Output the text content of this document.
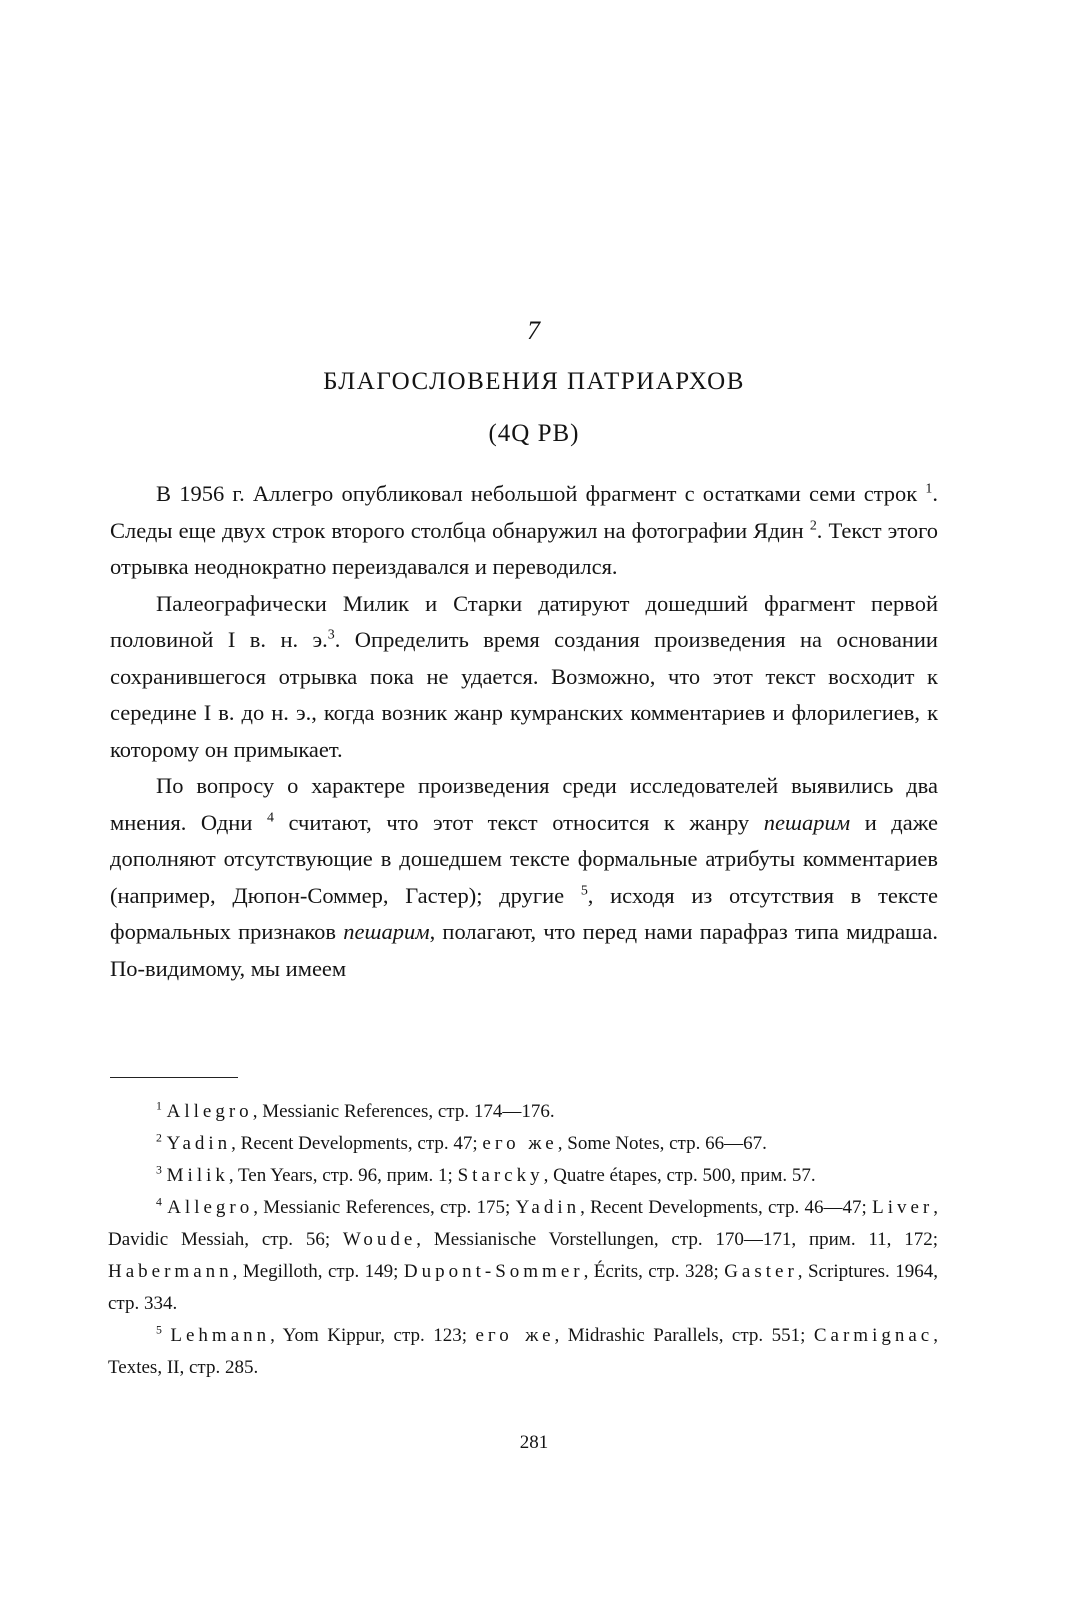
7
БЛАГОСЛОВЕНИЯ ПАТРИАРХОВ
(4Q PB)

В 1956 г. Аллегро опубликовал небольшой фрагмент с остатками семи строк $^1$. Следы еще двух строк второго столбца обнаружил на фотографии Ядин $^2$. Текст этого отрывка неоднократно переиздавался и переводился.

Палеографически Милик и Старки датируют дошедший фрагмент первой половиной I в. н. э.$^3$. Определить время создания произведения на основании сохранившегося отрывка пока не удается. Возможно, что этот текст восходит к середине I в. до н. э., когда возник жанр кумранских комментариев и флорилегиев, к которому он примыкает.

По вопросу о характере произведения среди исследователей выявились два мнения. Одни $^4$ считают, что этот текст относится к жанру пешарим и даже дополняют отсутствующие в дошедшем тексте формальные атрибуты комментариев (например, Дюпон-Соммер, Гастер); другие $^5$, исходя из отсутствия в тексте формальных признаков пешарим, полагают, что перед нами парафраз типа мидраша. По-видимому, мы имеем

$^1$ Allegro, Messianic References, стр. 174—176.

$^2$ Yadin, Recent Developments, стр. 47; его же, Some Notes, стр. 66—67.

$^3$ Milik, Ten Years, стр. 96, прим. 1; Starcky, Quatre étapes, стр. 500, прим. 57.

$^4$ Allegro, Messianic References, стр. 175; Yadin, Recent Developments, стр. 46—47; Liver, Davidic Messiah, стр. 56; Woude, Messianische Vorstellungen, стр. 170—171, прим. 11, 172; Habermann, Megilloth, стр. 149; Dupont-Sommer, Écrits, стр. 328; Gaster, Scriptures. 1964, стр. 334.

$^5$ Lehmann, Yom Kippur, стр. 123; его же, Midrashic Parallels, стр. 551; Carmignac, Textes, II, стр. 285.

281
